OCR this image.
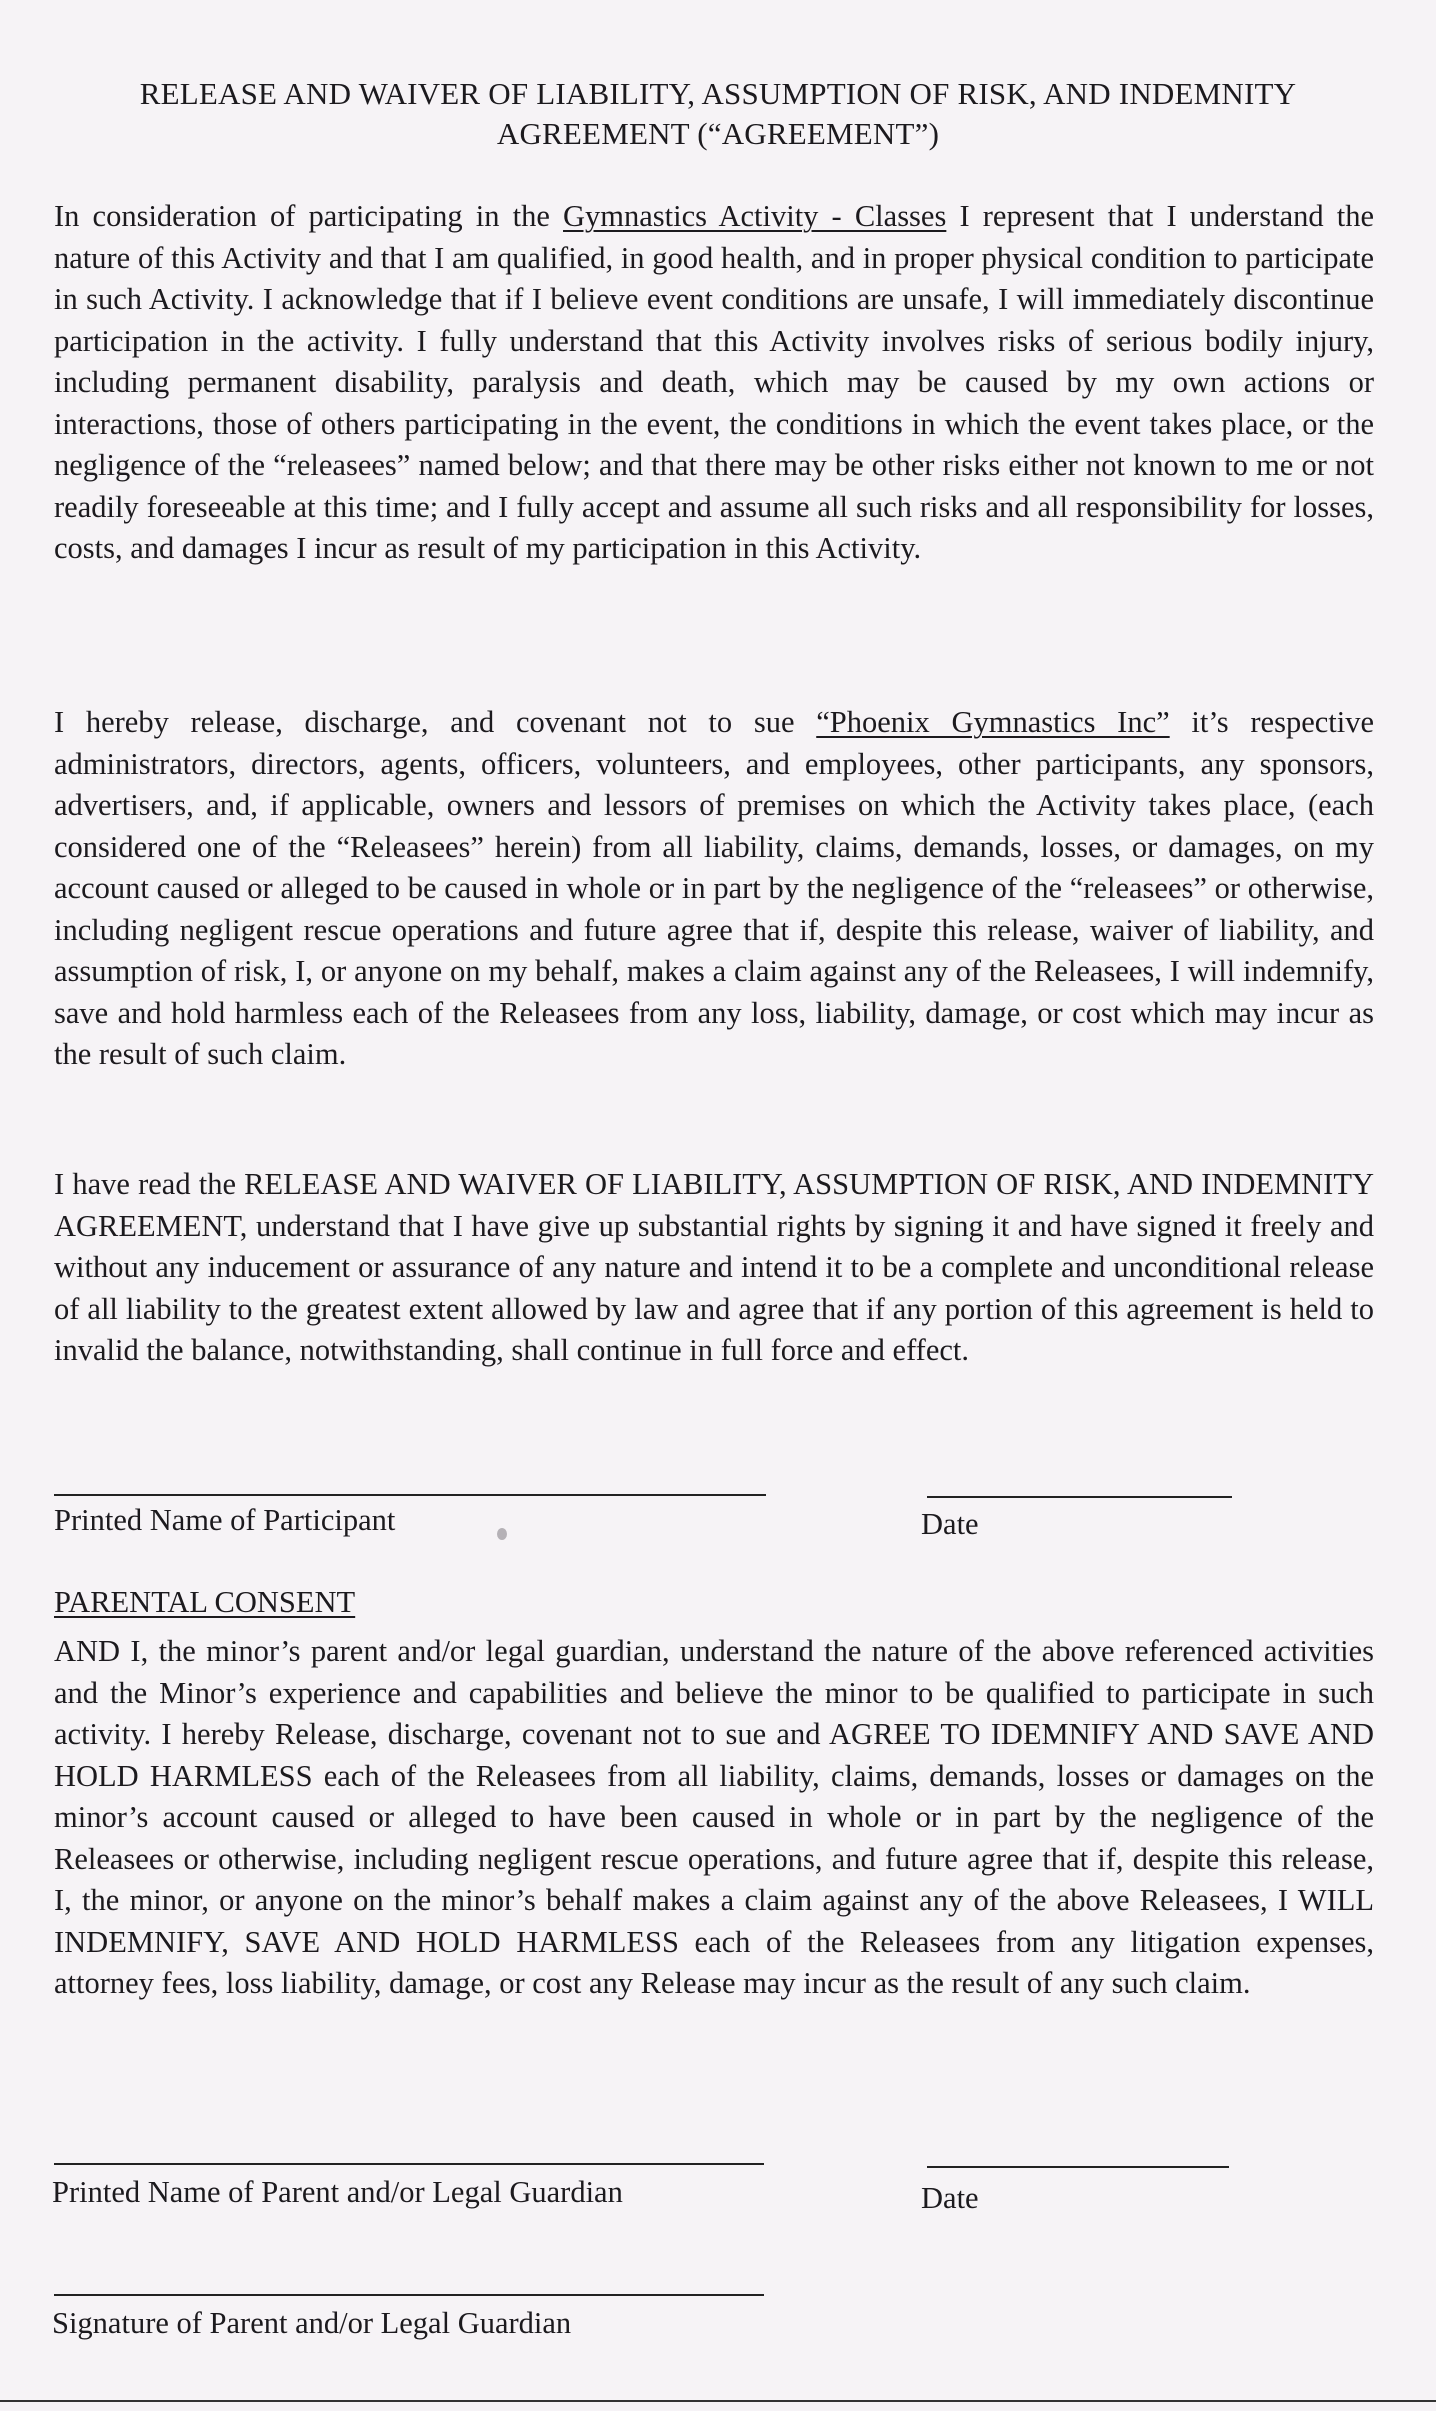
RELEASE AND WAIVER OF LIABILITY, ASSUMPTION OF RISK, AND INDEMNITY
AGREEMENT (“AGREEMENT”)
In consideration of participating in the Gymnastics Activity - Classes I represent that I understand the nature of this Activity and that I am qualified, in good health, and in proper physical condition to participate in such Activity. I acknowledge that if I believe event conditions are unsafe, I will immediately discontinue participation in the activity. I fully understand that this Activity involves risks of serious bodily injury, including permanent disability, paralysis and death, which may be caused by my own actions or interactions, those of others participating in the event, the conditions in which the event takes place, or the negligence of the “releasees” named below; and that there may be other risks either not known to me or not readily foreseeable at this time; and I fully accept and assume all such risks and all responsibility for losses, costs, and damages I incur as result of my participation in this Activity.
I hereby release, discharge, and covenant not to sue “Phoenix Gymnastics Inc” it’s respective administrators, directors, agents, officers, volunteers, and employees, other participants, any sponsors, advertisers, and, if applicable, owners and lessors of premises on which the Activity takes place, (each considered one of the “Releasees” herein) from all liability, claims, demands, losses, or damages, on my account caused or alleged to be caused in whole or in part by the negligence of the “releasees” or otherwise, including negligent rescue operations and future agree that if, despite this release, waiver of liability, and assumption of risk, I, or anyone on my behalf, makes a claim against any of the Releasees, I will indemnify, save and hold harmless each of the Releasees from any loss, liability, damage, or cost which may incur as the result of such claim.
I have read the RELEASE AND WAIVER OF LIABILITY, ASSUMPTION OF RISK, AND INDEMNITY AGREEMENT, understand that I have give up substantial rights by signing it and have signed it freely and without any inducement or assurance of any nature and intend it to be a complete and unconditional release of all liability to the greatest extent allowed by law and agree that if any portion of this agreement is held to invalid the balance, notwithstanding, shall continue in full force and effect.
Printed Name of Participant	Date
PARENTAL CONSENT
AND I, the minor’s parent and/or legal guardian, understand the nature of the above referenced activities and the Minor’s experience and capabilities and believe the minor to be qualified to participate in such activity. I hereby Release, discharge, covenant not to sue and AGREE TO IDEMNIFY AND SAVE AND HOLD HARMLESS each of the Releasees from all liability, claims, demands, losses or damages on the minor’s account caused or alleged to have been caused in whole or in part by the negligence of the Releasees or otherwise, including negligent rescue operations, and future agree that if, despite this release, I, the minor, or anyone on the minor’s behalf makes a claim against any of the above Releasees, I WILL INDEMNIFY, SAVE AND HOLD HARMLESS each of the Releasees from any litigation expenses, attorney fees, loss liability, damage, or cost any Release may incur as the result of any such claim.
Printed Name of Parent and/or Legal Guardian	Date
Signature of Parent and/or Legal Guardian
